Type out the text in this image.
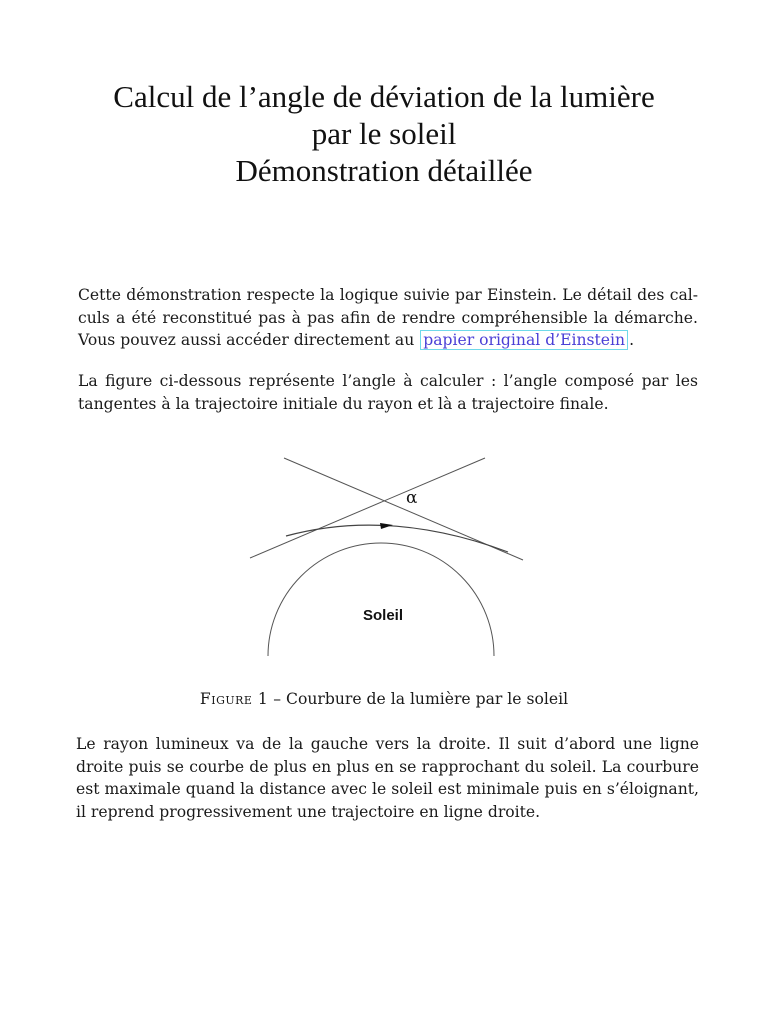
Calcul de l’angle de déviation de la lumière
par le soleil
Démonstration détaillée
Cette démonstration respecte la logique suivie par Einstein. Le détail des cal-
culs a été reconstitué pas à pas afin de rendre compréhensible la démarche.
Vous pouvez aussi accéder directement au papier original d’Einstein .
La figure ci-dessous représente l’angle à calculer : l’angle composé par les
tangentes à la trajectoire initiale du rayon et là a trajectoire finale.
α
Soleil
Figure 1 – Courbure de la lumière par le soleil
Le rayon lumineux va de la gauche vers la droite. Il suit d’abord une ligne
droite puis se courbe de plus en plus en se rapprochant du soleil. La courbure
est maximale quand la distance avec le soleil est minimale puis en s’éloignant,
il reprend progressivement une trajectoire en ligne droite.
